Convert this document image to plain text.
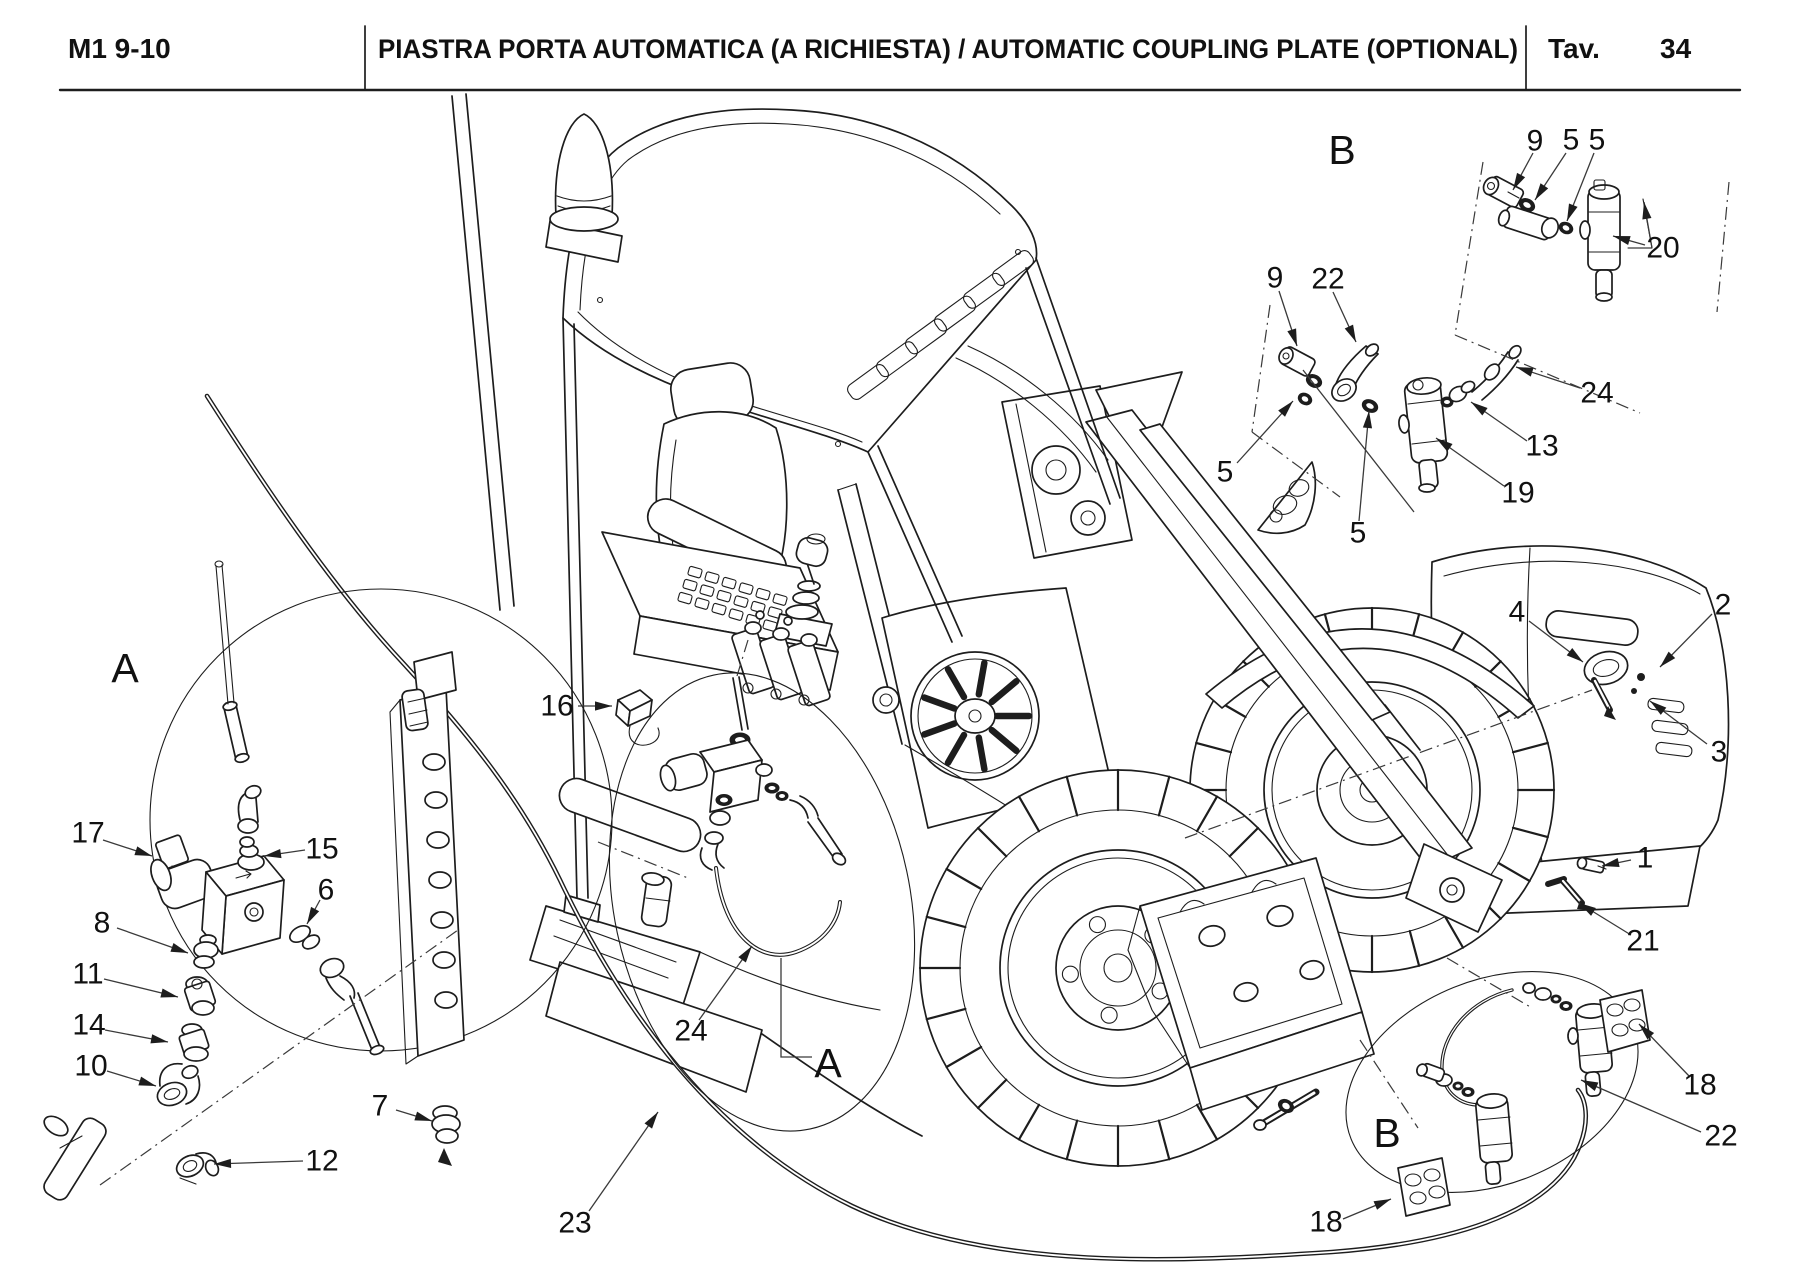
M1 9-10	PIASTRA PORTA AUTOMATICA (A RICHIESTA) / AUTOMATIC COUPLING PLATE (OPTIONAL) Tav. 34
A
17	15
6
8
11
14
10
12
7
16
24
A
23
B	9 5 5
20
9 22
24
13
19
5
5
4	2
3
1
21
18
22
B
18
